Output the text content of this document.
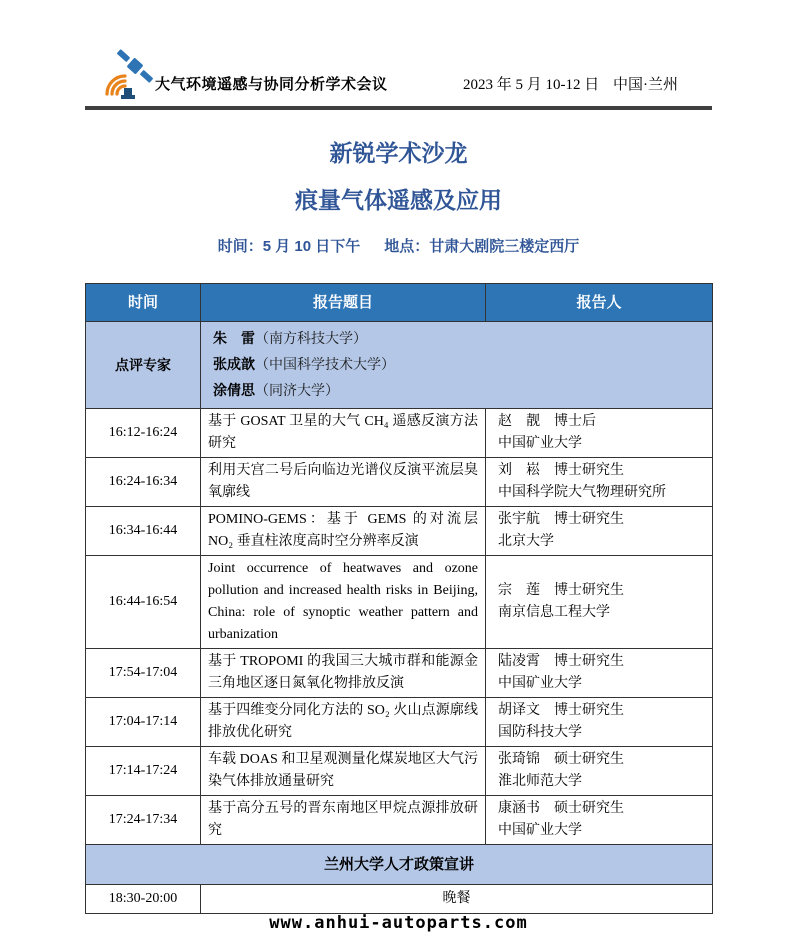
大气环境遥感与协同分析学术会议	2023 年 5 月 10-12 日 中国·兰州
新锐学术沙龙
痕量气体遥感及应用
时间：5 月 10 日下午 地点：甘肃大剧院三楼定西厅
时间	报告题目	报告人
点评专家	朱　雷（南方科技大学）
张成歆（中国科学技术大学）
涂倩思（同济大学）	

16:12-16:24	基于 GOSAT 卫星的大气 CH₄ 遥感反演方法研究	赵　靓 博士后
中国矿业大学

16:24-16:34	利用天宫二号后向临边光谱仪反演平流层臭氧廓线	刘　崧 博士研究生
中国科学院大气物理研究所

16:34-16:44	POMINO-GEMS：基于 GEMS 的对流层 NO₂ 垂直柱浓度高时空分辨率反演	张宇航 博士研究生
北京大学

16:44-16:54	Joint occurrence of heatwaves and ozone pollution and increased health risks in Beijing, China: role of synoptic weather pattern and urbanization	宗　莲 博士研究生
南京信息工程大学

17:54-17:04	基于 TROPOMI 的我国三大城市群和能源金三角地区逐日氮氧化物排放反演	陆凌霄 博士研究生
中国矿业大学

17:04-17:14	基于四维变分同化方法的 SO₂ 火山点源廓线排放优化研究	胡译文 博士研究生
国防科技大学

17:14-17:24	车载 DOAS 和卫星观测量化煤炭地区大气污染气体排放通量研究	张琦锦 硕士研究生
淮北师范大学

17:24-17:34	基于高分五号的晋东南地区甲烷点源排放研究	康涵书 硕士研究生
中国矿业大学

兰州大学人才政策宣讲		
18:30-20:00	晚餐	
www.anhui-autoparts.com
